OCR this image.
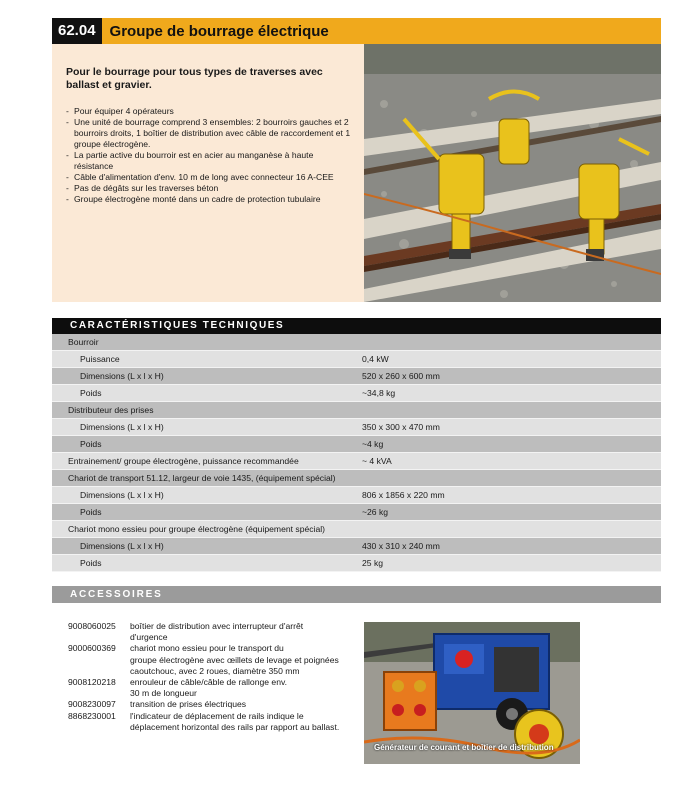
62.04 Groupe de bourrage électrique
Pour le bourrage pour tous types de traverses avec ballast et gravier.
- Pour équiper 4 opérateurs
- Une unité de bourrage comprend 3 ensembles: 2 bourroirs gauches et 2 bourroirs droits, 1 boîtier de distribution avec câble de raccordement et 1 groupe électrogène.
- La partie active du bourroir est en acier au manganèse à haute résistance
- Câble d'alimentation d'env. 10 m de long avec connecteur 16 A-CEE
- Pas de dégâts sur les traverses béton
- Groupe électrogène monté dans un cadre de protection tubulaire
CARACTÉRISTIQUES TECHNIQUES
Bourroir
Puissance	0,4 kW
Dimensions (L x l x H)	520 x 260 x 600 mm
Poids	~34,8 kg
Distributeur des prises
Dimensions (L x l x H)	350 x 300 x 470 mm
Poids	~4 kg
Entrainement/ groupe électrogène, puissance recommandée	~ 4 kVA
Chariot de transport 51.12, largeur de voie 1435, (équipement spécial)
Dimensions (L x l x H)	806 x 1856 x 220 mm
Poids	~26 kg
Chariot mono essieu pour groupe électrogène (équipement spécial)
Dimensions (L x l x H)	430 x 310 x 240 mm
Poids	25 kg
ACCESSOIRES
9008060025	boîtier de distribution avec interrupteur d'arrêt
d'urgence
9000600369	chariot mono essieu pour le transport du
groupe électrogène avec œillets de levage et poignées
caoutchouc, avec 2 roues, diamètre 350 mm
9008120218	enrouleur de câble/câble de rallonge env.
30 m de longueur
9008230097	transition de prises électriques
8868230001	l'indicateur de déplacement de rails indique le
déplacement horizontal des rails par rapport au ballast.
Générateur de courant et boîtier de distribution
